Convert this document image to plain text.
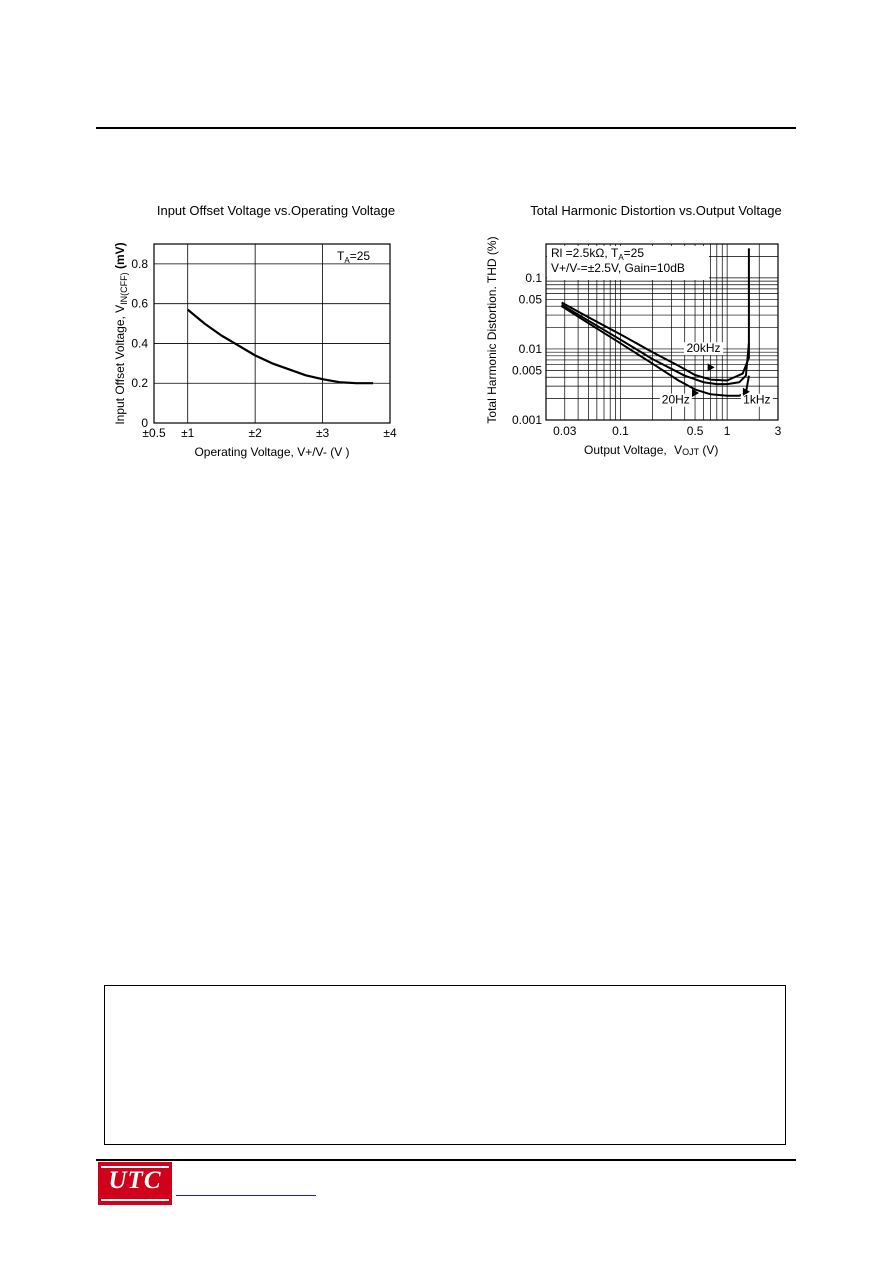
Input Offset Voltage vs.Operating Voltage
±0.5 ±1	±2	±3	±4
0
0.2
0.4
0.6
0.8
Operating Voltage, V+/V- (V )
Input Offset Voltage, $V_{IN(CFF)}$ (mV)	$T_A=25$
Total Harmonic Distortion vs.Output Voltage
Rl =2.5kΩ, $T_A=25$
V+/V-=±2.5V, Gain=10dB
0.1
0.05
0.01
0.005
0.001
0.03	0.1	0.5 1	3
Output Voltage, VOJT (V)
Total Harmonic Distortion. THD (%)	20kHz
1kHz
20Hz
UTC
